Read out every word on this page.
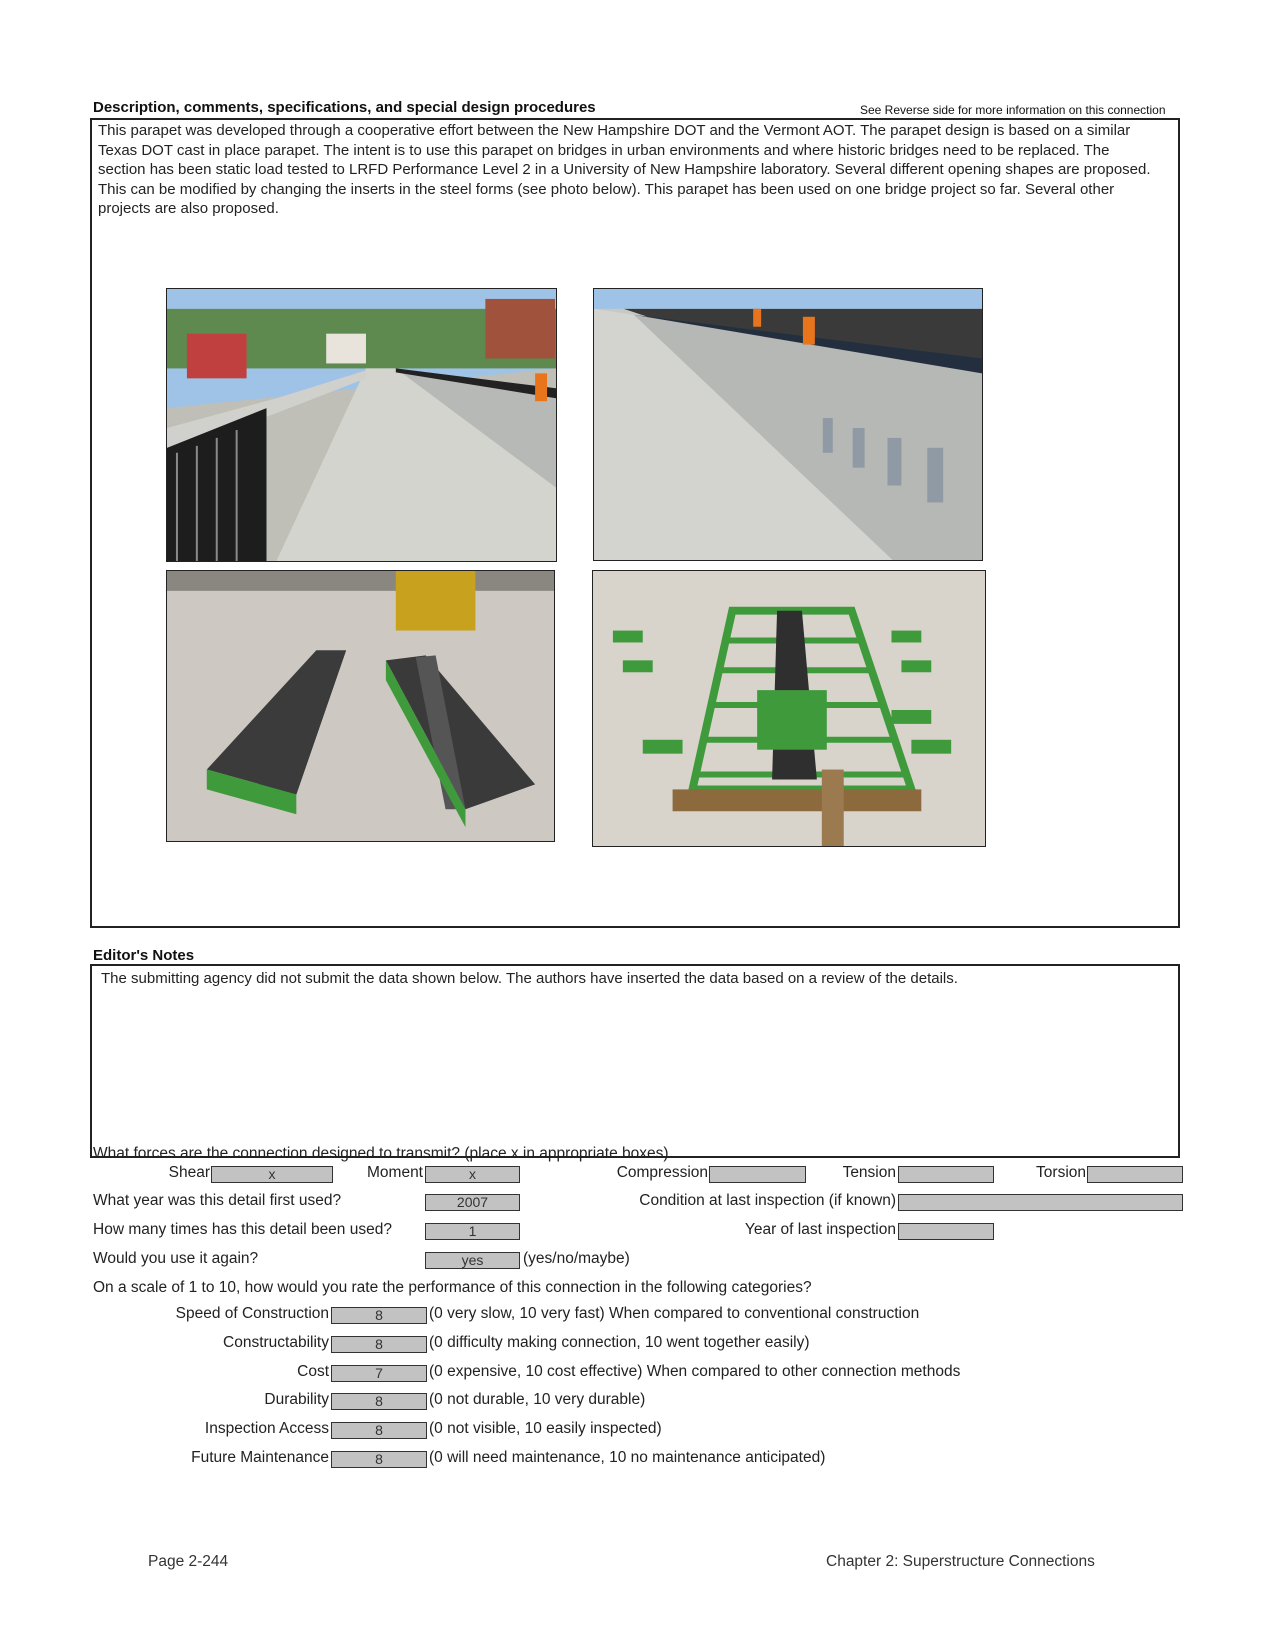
Description, comments, specifications, and special design procedures	See Reverse side for more information on this connection
This parapet was developed through a cooperative effort between the New Hampshire DOT and the Vermont AOT. The parapet design is based on a similar Texas DOT cast in place parapet. The intent is to use this parapet on bridges in urban environments and where historic bridges need to be replaced. The section has been static load tested to LRFD Performance Level 2 in a University of New Hampshire laboratory. Several different opening shapes are proposed. This can be modified by changing the inserts in the steel forms (see photo below). This parapet has been used on one bridge project so far. Several other projects are also proposed.
Editor's Notes
The submitting agency did not submit the data shown below. The authors have inserted the data based on a review of the details.
What forces are the connection designed to transmit? (place x in appropriate boxes)
Shear	x	Moment	x	Compression	Tension	Torsion
What year was this detail first used?	2007	Condition at last inspection (if known)
How many times has this detail been used?	1	Year of last inspection
Would you use it again?	yes	(yes/no/maybe)
On a scale of 1 to 10, how would you rate the performance of this connection in the following categories?
Speed of Construction	8	(0 very slow, 10 very fast) When compared to conventional construction
Constructability	8	(0 difficulty making connection, 10 went together easily)
Cost	7	(0 expensive, 10 cost effective) When compared to other connection methods
Durability	8	(0 not durable, 10 very durable)
Inspection Access	8	(0 not visible, 10 easily inspected)
Future Maintenance	8	(0 will need maintenance, 10 no maintenance anticipated)
Page 2-244	Chapter 2: Superstructure Connections
